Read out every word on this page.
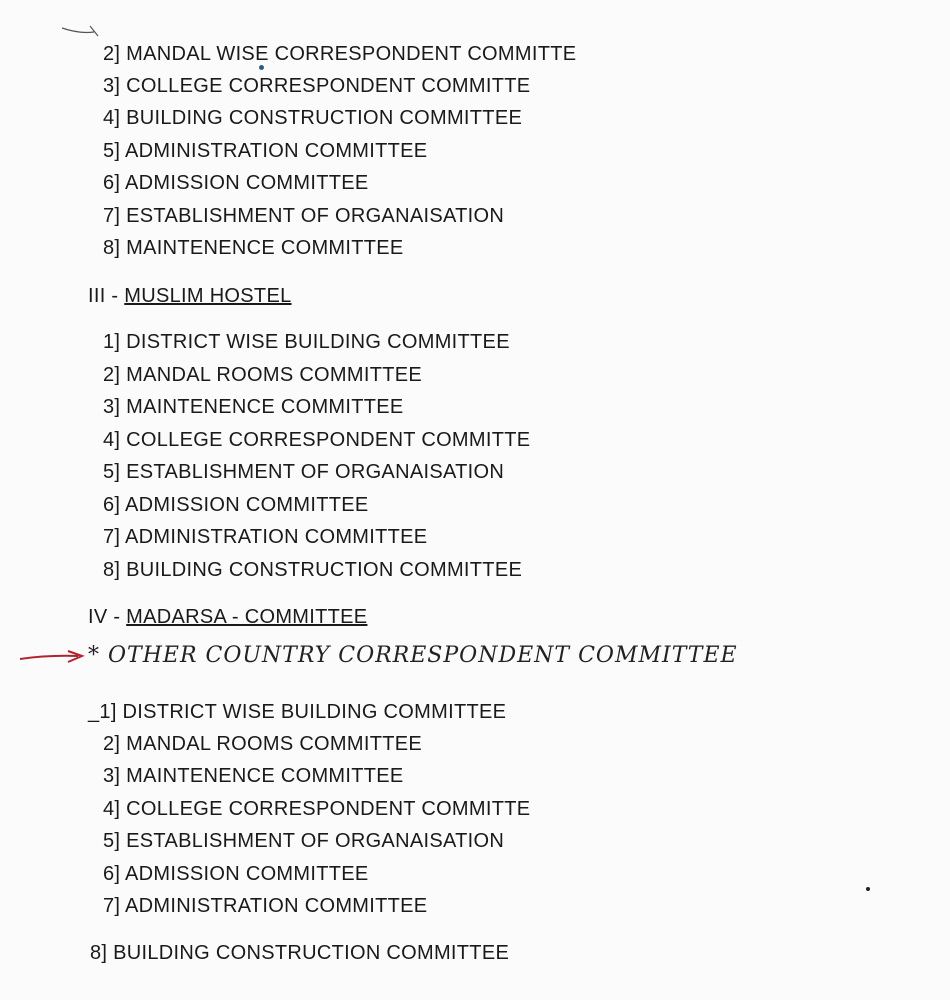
2] MANDAL WISE CORRESPONDENT COMMITTE
3] COLLEGE CORRESPONDENT COMMITTE
4] BUILDING CONSTRUCTION COMMITTEE
5] ADMINISTRATION COMMITTEE
6] ADMISSION COMMITTEE
7] ESTABLISHMENT OF ORGANAISATION
8] MAINTENENCE COMMITTEE
III - MUSLIM HOSTEL
1] DISTRICT WISE BUILDING COMMITTEE
2] MANDAL ROOMS COMMITTEE
3] MAINTENENCE COMMITTEE
4] COLLEGE CORRESPONDENT COMMITTE
5] ESTABLISHMENT OF ORGANAISATION
6] ADMISSION COMMITTEE
7] ADMINISTRATION COMMITTEE
8] BUILDING CONSTRUCTION COMMITTEE
IV - MADARSA - COMMITTEE
* OTHER COUNTRY CORRESPONDENT COMMITTEE
_1] DISTRICT WISE BUILDING COMMITTEE
2] MANDAL ROOMS COMMITTEE
3] MAINTENENCE COMMITTEE
4] COLLEGE CORRESPONDENT COMMITTE
5] ESTABLISHMENT OF ORGANAISATION
6] ADMISSION COMMITTEE
7] ADMINISTRATION COMMITTEE
8] BUILDING CONSTRUCTION COMMITTEE
